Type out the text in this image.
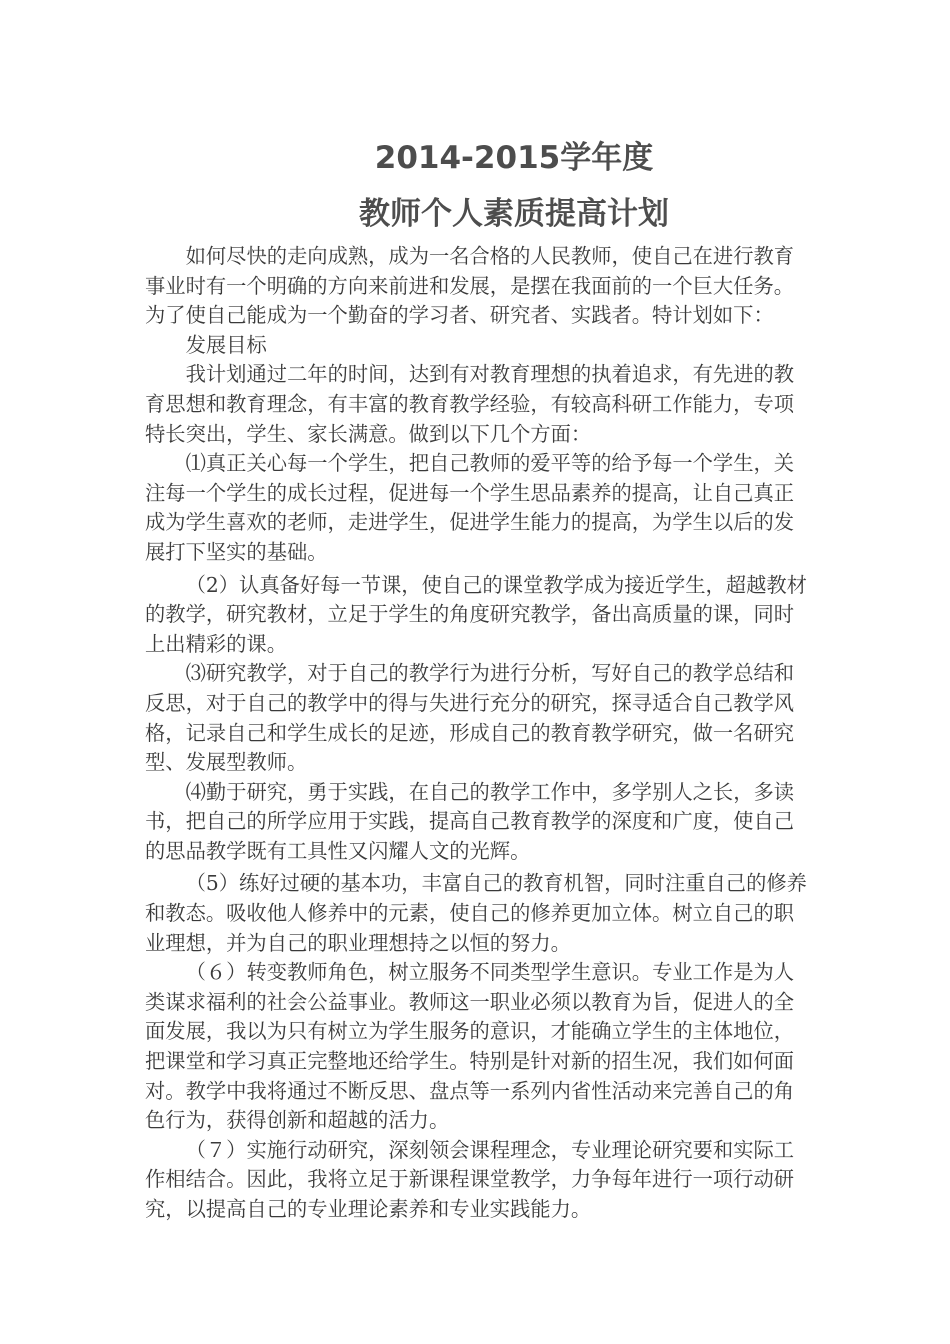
2014-2015学年度
教师个人素质提高计划

如何尽快的走向成熟，成为一名合格的人民教师，使自己在进行教育事业时有一个明确的方向来前进和发展，是摆在我面前的一个巨大任务。为了使自己能成为一个勤奋的学习者、研究者、实践者。特计划如下：

发展目标

我计划通过二年的时间，达到有对教育理想的执着追求，有先进的教育思想和教育理念，有丰富的教育教学经验，有较高科研工作能力，专项特长突出，学生、家长满意。做到以下几个方面：

⑴真正关心每一个学生，把自己教师的爱平等的给予每一个学生，关注每一个学生的成长过程，促进每一个学生思品素养的提高，让自己真正成为学生喜欢的老师，走进学生，促进学生能力的提高，为学生以后的发展打下坚实的基础。

（2）认真备好每一节课，使自己的课堂教学成为接近学生，超越教材的教学，研究教材，立足于学生的角度研究教学，备出高质量的课，同时上出精彩的课。

⑶研究教学，对于自己的教学行为进行分析，写好自己的教学总结和反思，对于自己的教学中的得与失进行充分的研究，探寻适合自己教学风格，记录自己和学生成长的足迹，形成自己的教育教学研究，做一名研究型、发展型教师。

⑷勤于研究，勇于实践，在自己的教学工作中，多学别人之长，多读书，把自己的所学应用于实践，提高自己教育教学的深度和广度，使自己的思品教学既有工具性又闪耀人文的光辉。

（5）练好过硬的基本功，丰富自己的教育机智，同时注重自己的修养和教态。吸收他人修养中的元素，使自己的修养更加立体。树立自己的职业理想，并为自己的职业理想持之以恒的努力。

（６）转变教师角色，树立服务不同类型学生意识。专业工作是为人类谋求福利的社会公益事业。教师这一职业必须以教育为旨，促进人的全面发展，我以为只有树立为学生服务的意识，才能确立学生的主体地位，把课堂和学习真正完整地还给学生。特别是针对新的招生况，我们如何面对。教学中我将通过不断反思、盘点等一系列内省性活动来完善自己的角色行为，获得创新和超越的活力。

（７）实施行动研究，深刻领会课程理念，专业理论研究要和实际工作相结合。因此，我将立足于新课程课堂教学，力争每年进行一项行动研究，以提高自己的专业理论素养和专业实践能力。
